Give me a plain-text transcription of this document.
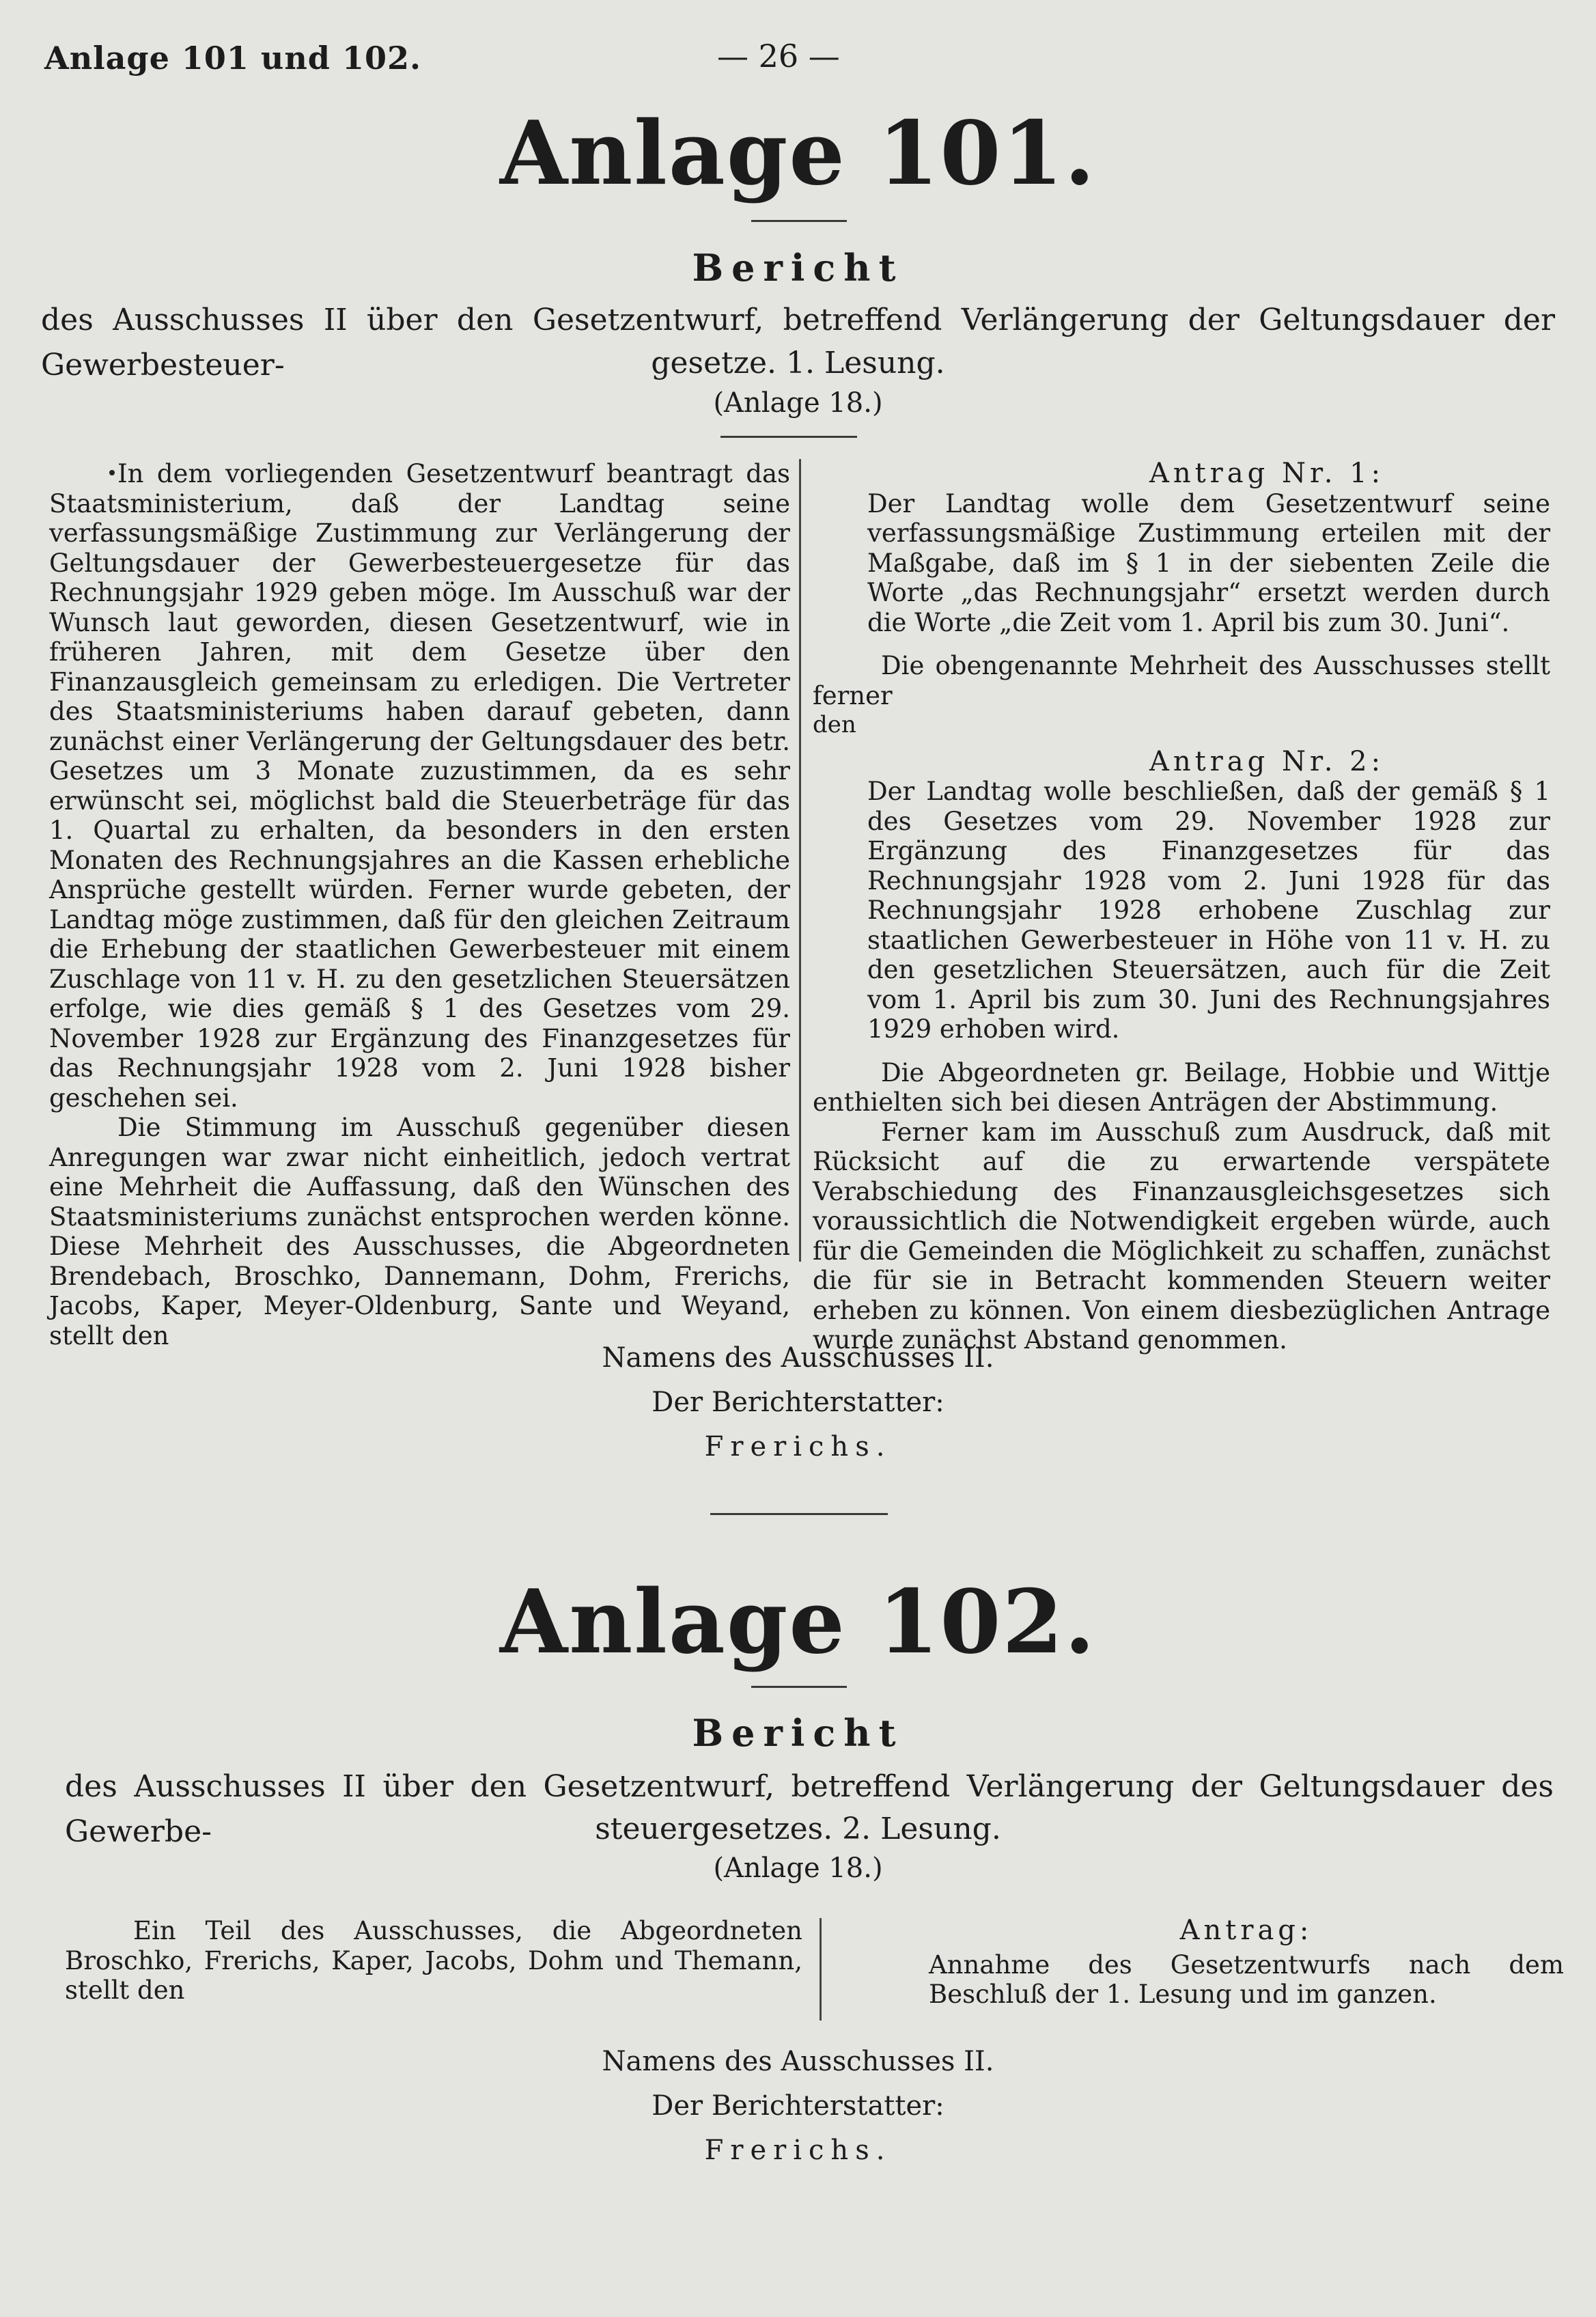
Anlage 101 und 102.	— 26 —
Anlage 101.
Bericht
des Ausschusses II über den Gesetzentwurf, betreffend Verlängerung der Geltungsdauer der Gewerbesteuer-	gesetze. 1. Lesung.
(Anlage 18.)

In dem vorliegenden Gesetzentwurf beantragt das Staatsministerium, daß der Landtag seine verfassungsmäßige Zustimmung zur Verlängerung der Geltungsdauer der Gewerbesteuergesetze für das Rechnungsjahr 1929 geben möge. Im Ausschuß war der Wunsch laut geworden, diesen Gesetzentwurf, wie in früheren Jahren, mit dem Gesetze über den Finanzausgleich gemeinsam zu erledigen. Die Vertreter des Staatsministeriums haben darauf gebeten, dann zunächst einer Verlängerung der Geltungsdauer des betr. Gesetzes um 3 Monate zuzustimmen, da es sehr erwünscht sei, möglichst bald die Steuerbeträge für das 1. Quartal zu erhalten, da besonders in den ersten Monaten des Rechnungsjahres an die Kassen erhebliche Ansprüche gestellt würden. Ferner wurde gebeten, der Landtag möge zustimmen, daß für den gleichen Zeitraum die Erhebung der staatlichen Gewerbesteuer mit einem Zuschlage von 11 v. H. zu den gesetzlichen Steuersätzen erfolge, wie dies gemäß § 1 des Gesetzes vom 29. November 1928 zur Ergänzung des Finanzgesetzes für das Rechnungsjahr 1928 vom 2. Juni 1928 bisher geschehen sei.

Die Stimmung im Ausschuß gegenüber diesen Anregungen war zwar nicht einheitlich, jedoch vertrat eine Mehrheit die Auffassung, daß den Wünschen des Staatsministeriums zunächst entsprochen werden könne. Diese Mehrheit des Ausschusses, die Abgeordneten Brendebach, Broschko, Dannemann, Dohm, Frerichs, Jacobs, Kaper, Meyer-Oldenburg, Sante und Weyand, stellt den

Antrag Nr. 1:

Der Landtag wolle dem Gesetzentwurf seine verfassungsmäßige Zustimmung erteilen mit der Maßgabe, daß im § 1 in der siebenten Zeile die Worte „das Rechnungsjahr“ ersetzt werden durch die Worte „die Zeit vom 1. April bis zum 30. Juni“.

Die obengenannte Mehrheit des Ausschusses stellt ferner

den
Antrag Nr. 2:

Der Landtag wolle beschließen, daß der gemäß § 1 des Gesetzes vom 29. November 1928 zur Ergänzung des Finanzgesetzes für das Rechnungsjahr 1928 vom 2. Juni 1928 für das Rechnungsjahr 1928 erhobene Zuschlag zur staatlichen Gewerbesteuer in Höhe von 11 v. H. zu den gesetzlichen Steuersätzen, auch für die Zeit vom 1. April bis zum 30. Juni des Rechnungsjahres 1929 erhoben wird.

Die Abgeordneten gr. Beilage, Hobbie und Wittje enthielten sich bei diesen Anträgen der Abstimmung.

Ferner kam im Ausschuß zum Ausdruck, daß mit Rücksicht auf die zu erwartende verspätete Verabschiedung des Finanzausgleichsgesetzes sich voraussichtlich die Notwendigkeit ergeben würde, auch für die Gemeinden die Möglichkeit zu schaffen, zunächst die für sie in Betracht kommenden Steuern weiter erheben zu können. Von einem diesbezüglichen Antrage wurde zunächst Abstand genommen.

Namens des Ausschusses II.
Der Berichterstatter:
Frerichs.
Anlage 102.
Bericht
des Ausschusses II über den Gesetzentwurf, betreffend Verlängerung der Geltungsdauer des Gewerbe-	steuergesetzes. 2. Lesung.
(Anlage 18.)

Ein Teil des Ausschusses, die Abgeordneten Broschko, Frerichs, Kaper, Jacobs, Dohm und Themann, stellt den

Antrag:

Annahme des Gesetzentwurfs nach dem Beschluß der 1. Lesung und im ganzen.

Namens des Ausschusses II.
Der Berichterstatter:
Frerichs.
